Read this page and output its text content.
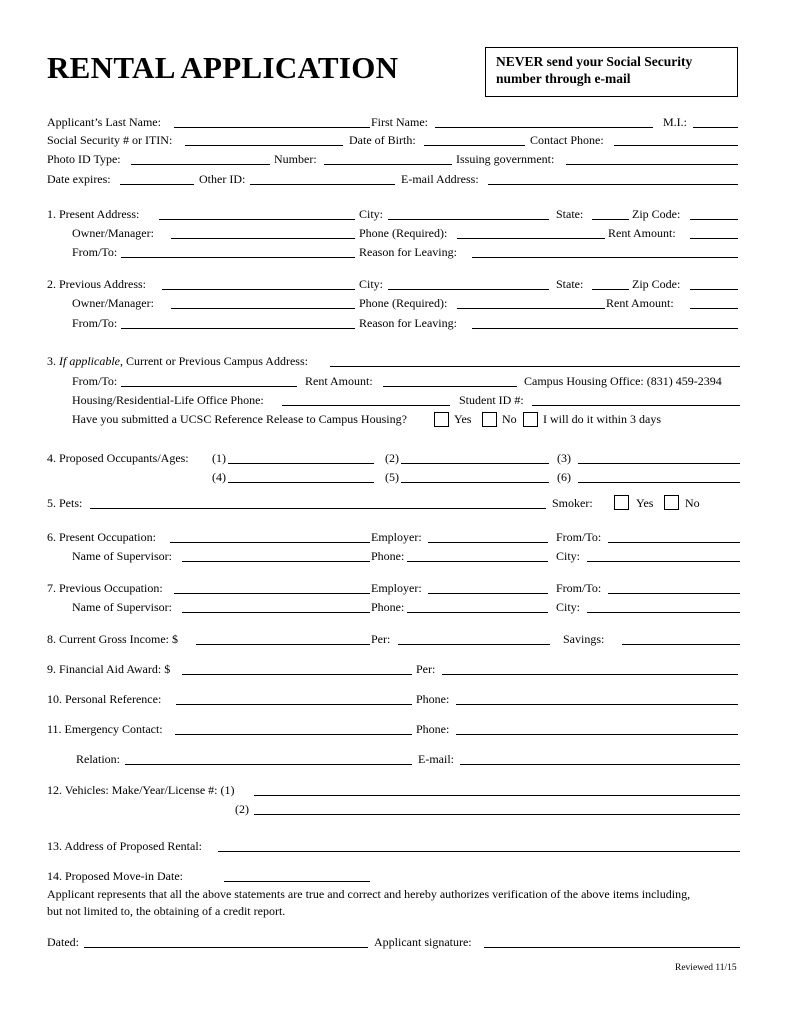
RENTAL APPLICATION	NEVER send your Social Security
number through e-mail
Applicant’s Last Name:	First Name:	M.I.:
Social Security # or ITIN:	Date of Birth:	Contact Phone:
Photo ID Type:	Number:	Issuing government:
Date expires:	Other ID:	E-mail Address:
1. Present Address:	City:	State:	Zip Code:
Owner/Manager:	Phone (Required):	Rent Amount:
From/To:	Reason for Leaving:
2. Previous Address:	City:	State:	Zip Code:
Owner/Manager:	Phone (Required):	Rent Amount:
From/To:	Reason for Leaving:
3. If applicable, Current or Previous Campus Address:
From/To:	Rent Amount:	Campus Housing Office: (831) 459-2394
Housing/Residential-Life Office Phone:	Student ID #:
Have you submitted a UCSC Reference Release to Campus Housing?	Yes	No I will do it within 3 days
4. Proposed Occupants/Ages: (1)	(2)	(3)
(4)	(5)	(6)
5. Pets:	Smoker:	Yes	No
6. Present Occupation:	Employer:	From/To:
Name of Supervisor:	Phone:	City:
7. Previous Occupation:	Employer:	From/To:
Name of Supervisor:	Phone:	City:
8. Current Gross Income: $	Per:	Savings:
9. Financial Aid Award: $	Per:
10. Personal Reference:	Phone:
11. Emergency Contact:	Phone:
Relation:	E-mail:
12. Vehicles: Make/Year/License #: (1)
(2)
13. Address of Proposed Rental:
14. Proposed Move-in Date:
Applicant represents that all the above statements are true and correct and hereby authorizes verification of the above items including,
but not limited to, the obtaining of a credit report.
Dated:	Applicant signature:
Reviewed 11/15
